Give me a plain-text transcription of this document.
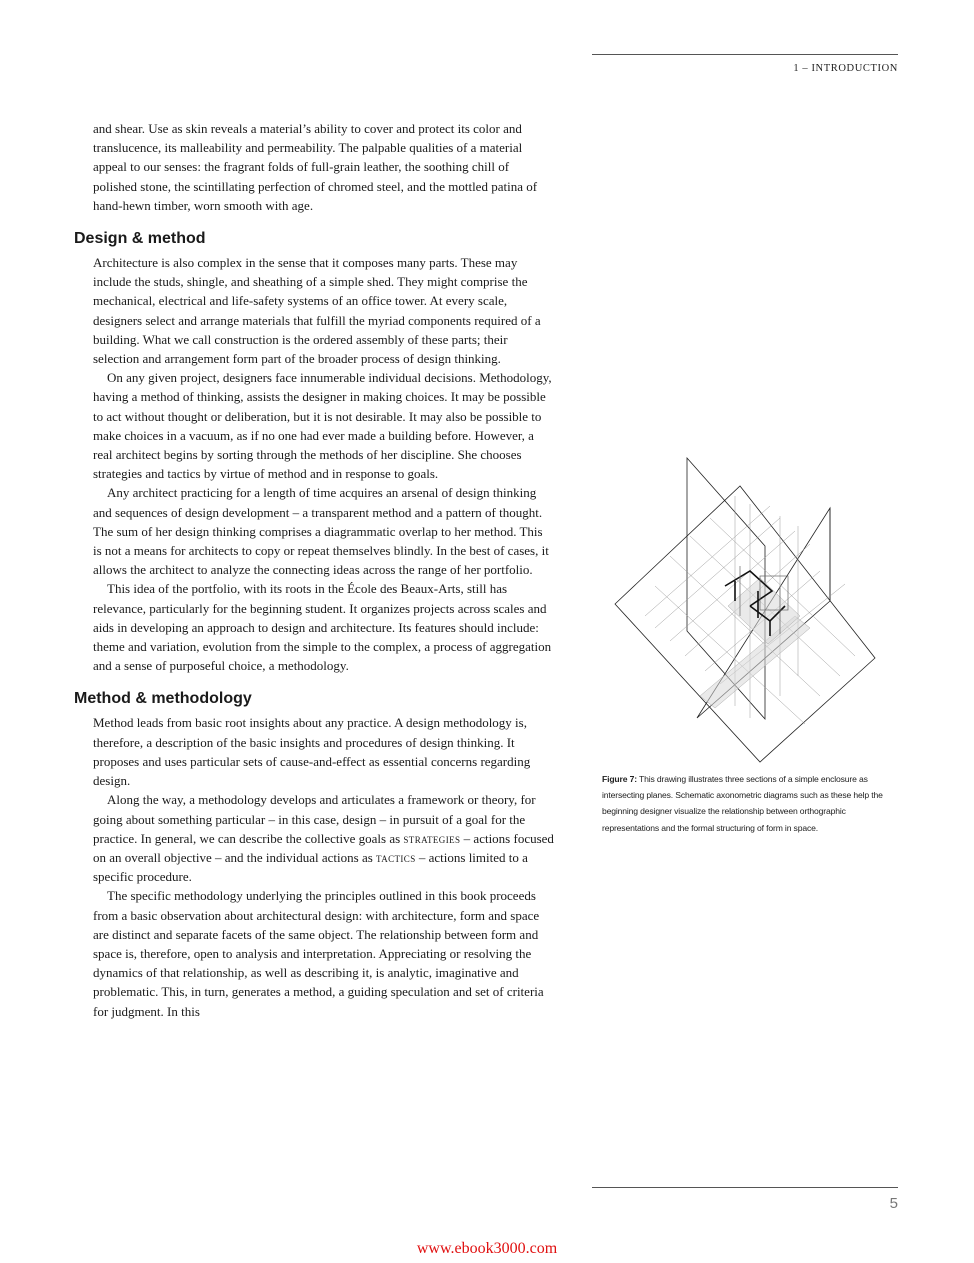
1 – INTRODUCTION

and shear. Use as skin reveals a material’s ability to cover and protect its color and translucence, its malleability and permeability. The palpable qualities of a material appeal to our senses: the fragrant folds of full-grain leather, the soothing chill of polished stone, the scintillating perfection of chromed steel, and the mottled patina of hand-hewn timber, worn smooth with age.

Design & method

Architecture is also complex in the sense that it composes many parts. These may include the studs, shingle, and sheathing of a simple shed. They might comprise the mechanical, electrical and life-safety systems of an office tower. At every scale, designers select and arrange materials that fulfill the myriad components required of a building. What we call construction is the ordered assembly of these parts; their selection and arrangement form part of the broader process of design thinking.

On any given project, designers face innumerable individual decisions. Methodology, having a method of thinking, assists the designer in making choices. It may be possible to act without thought or deliberation, but it is not desirable. It may also be possible to make choices in a vacuum, as if no one had ever made a building before. However, a real architect begins by sorting through the methods of her discipline. She chooses strategies and tactics by virtue of method and in response to goals.

Any architect practicing for a length of time acquires an arsenal of design thinking and sequences of design development – a transparent method and a pattern of thought. The sum of her design thinking comprises a diagrammatic overlap to her method. This is not a means for architects to copy or repeat themselves blindly. In the best of cases, it allows the architect to analyze the connecting ideas across the range of her portfolio.

This idea of the portfolio, with its roots in the École des Beaux-Arts, still has relevance, particularly for the beginning student. It organizes projects across scales and aids in developing an approach to design and architecture. Its features should include: theme and variation, evolution from the simple to the complex, a process of aggregation and a sense of purposeful choice, a methodology.

Method & methodology

Method leads from basic root insights about any practice. A design methodology is, therefore, a description of the basic insights and procedures of design thinking. It proposes and uses particular sets of cause-and-effect as essential concerns regarding design.

Along the way, a methodology develops and articulates a framework or theory, for going about something particular – in this case, design – in pursuit of a goal for the practice. In general, we can describe the collective goals as strategies – actions focused on an overall objective – and the individual actions as tactics – actions limited to a specific procedure.

The specific methodology underlying the principles outlined in this book proceeds from a basic observation about architectural design: with architecture, form and space are distinct and separate facets of the same object. The relationship between form and space is, therefore, open to analysis and interpretation. Appreciating or resolving the dynamics of that relationship, as well as describing it, is analytic, imaginative and problematic. This, in turn, generates a method, a guiding speculation and set of criteria for judgment. In this

Figure 7: This drawing illustrates three sections of a simple enclosure as intersecting planes. Schematic axonometric diagrams such as these help the beginning designer visualize the relationship between orthographic representations and the formal structuring of form in space.
5
www.ebook3000.com
